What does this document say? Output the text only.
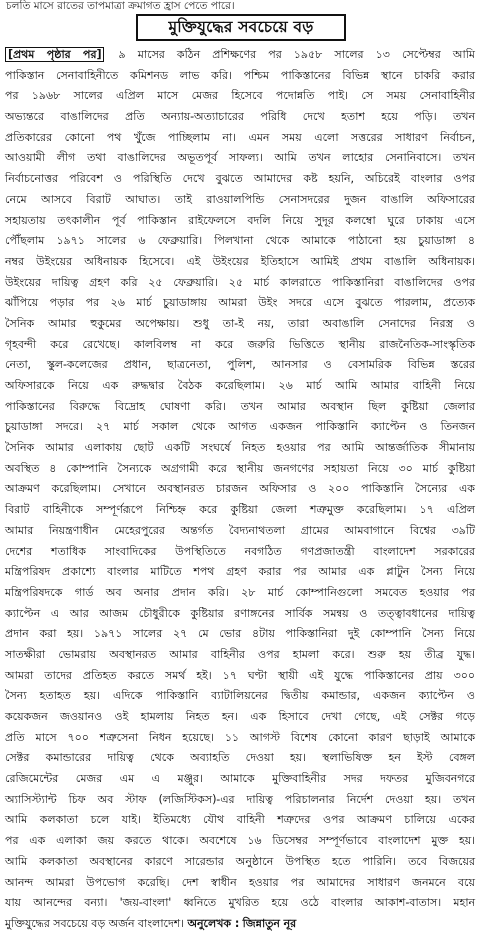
চলতি মাসে রাতের তাপমাত্রা ক্রমাগত হ্রাস পেতে পারে।
মুক্তিযুদ্ধের সবচেয়ে বড়
[প্রথম পৃষ্ঠার পর] ৯ মাসের কঠিন প্রশিক্ষণের পর ১৯৫৮ সালের ১৩ সেপ্টেম্বর আমি
পাকিস্তান সেনাবাহিনীতে কমিশনড লাভ করি। পশ্চিম পাকিস্তানের বিভিন্ন স্থানে চাকরি করার
পর ১৯৬৮ সালের এপ্রিল মাসে মেজর হিসেবে পদোন্নতি পাই। সে সময় সেনাবাহিনীর
অভ্যন্তরে বাঙালিদের প্রতি অন্যায়-অত্যাচারের পরিধি দেখে হতাশ হয়ে পড়ি। তখন
প্রতিকারের কোনো পথ খুঁজে পাচ্ছিলাম না। এমন সময় এলো সত্তরের সাধারণ নির্বাচন,
আওয়ামী লীগ তথা বাঙালিদের অভূতপূর্ব সাফল্য। আমি তখন লাহোর সেনানিবাসে। তখন
নির্বাচনোত্তর পরিবেশ ও পরিস্থিতি দেখে বুঝতে আমাদের কষ্ট হয়নি, অচিরেই বাংলার ওপর
নেমে আসবে বিরাট আঘাত। তাই রাওয়ালপিন্ডি সেনাসদরের দুজন বাঙালি অফিসারের
সহায়তায় তৎকালীন পূর্ব পাকিস্তান রাইফেলসে বদলি নিয়ে সুদূর কলম্বো ঘুরে ঢাকায় এসে
পৌঁছলাম ১৯৭১ সালের ৬ ফেব্রুয়ারি। পিলখানা থেকে আমাকে পাঠানো হয় চুয়াডাঙ্গা ৪
নম্বর উইংয়ের অধিনায়ক হিসেবে। এই উইংয়ের ইতিহাসে আমিই প্রথম বাঙালি অধিনায়ক।
উইংয়ের দায়িত্ব গ্রহণ করি ২৫ ফেব্রুয়ারি। ২৫ মার্চ কালরাতে পাকিস্তানিরা বাঙালিদের ওপর
ঝাঁপিয়ে পড়ার পর ২৬ মার্চ চুয়াডাঙ্গায় আমরা উইং সদরে এসে বুঝতে পারলাম, প্রত্যেক
সৈনিক আমার হুকুমের অপেক্ষায়। শুধু তা-ই নয়, তারা অবাঙালি সেনাদের নিরস্ত্র ও
গৃহবন্দী করে রেখেছে। কালবিলম্ব না করে জরুরি ভিত্তিতে স্থানীয় রাজনৈতিক-সাংস্কৃতিক
নেতা, স্কুল-কলেজের প্রধান, ছাত্রনেতা, পুলিশ, আনসার ও বেসামরিক বিভিন্ন স্তরের
অফিসারকে নিয়ে এক রুদ্ধদ্বার বৈঠক করেছিলাম। ২৬ মার্চ আমি আমার বাহিনী নিয়ে
পাকিস্তানের বিরুদ্ধে বিদ্রোহ ঘোষণা করি। তখন আমার অবস্থান ছিল কুষ্টিয়া জেলার
চুয়াডাঙ্গা সদরে। ২৭ মার্চ সকাল থেকে আগত একজন পাকিস্তানি ক্যাপ্টেন ও তিনজন
সৈনিক আমার এলাকায় ছোট একটি সংঘর্ষে নিহত হওয়ার পর আমি আন্তর্জাতিক সীমানায়
অবস্থিত ৪ কোম্পানি সৈন্যকে অগ্রগামী করে স্থানীয় জনগণের সহায়তা নিয়ে ৩০ মার্চ কুষ্টিয়া
আক্রমণ করেছিলাম। সেখানে অবস্থানরত চারজন অফিসার ও ২০০ পাকিস্তানি সৈন্যের এক
বিরাট বাহিনীকে সম্পূর্ণরূপে নিশ্চিহ্ন করে কুষ্টিয়া জেলা শত্রুমুক্ত করেছিলাম। ১৭ এপ্রিল
আমার নিয়ন্ত্রণাধীন মেহেরপুরের অন্তর্গত বৈদ্যনাথতলা গ্রামের আমবাগানে বিশ্বের ৩৯টি
দেশের শতাধিক সাংবাদিকের উপস্থিতিতে নবগঠিত গণপ্রজাতন্ত্রী বাংলাদেশ সরকারের
মন্ত্রিপরিষদ প্রকাশ্যে বাংলার মাটিতে শপথ গ্রহণ করার পর আমার এক প্লাটুন সৈন্য নিয়ে
মন্ত্রিপরিষদকে গার্ড অব অনার প্রদান করি। ২৮ মার্চ কোম্পানিগুলো সমবেত হওয়ার পর
ক্যাপ্টেন এ আর আজম চৌধুরীকে কুষ্টিয়ার রণাঙ্গনের সার্বিক সমন্বয় ও তত্ত্বাবধানের দায়িত্ব
প্রদান করা হয়। ১৯৭১ সালের ২৭ মে ভোর ৪টায় পাকিস্তানিরা দুই কোম্পানি সৈন্য নিয়ে
সাতক্ষীরা ভোমরায় অবস্থানরত আমার বাহিনীর ওপর হামলা করে। শুরু হয় তীব্র যুদ্ধ।
আমরা তাদের প্রতিহত করতে সমর্থ হই। ১৭ ঘণ্টা স্থায়ী এই যুদ্ধে পাকিস্তানের প্রায় ৩০০
সৈন্য হতাহত হয়। এদিকে পাকিস্তানি ব্যাটালিয়নের দ্বিতীয় কমান্ডার, একজন ক্যাপ্টেন ও
কয়েকজন জওয়ানও ওই হামলায় নিহত হন। এক হিসাবে দেখা গেছে, এই সেক্টর গড়ে
প্রতি মাসে ৭০০ শত্রুসেনা নিধন হয়েছে। ১১ আগস্ট বিশেষ কোনো কারণ ছাড়াই আমাকে
সেক্টর কমান্ডারের দায়িত্ব থেকে অব্যাহতি দেওয়া হয়। স্থলাভিষিক্ত হন ইস্ট বেঙ্গল
রেজিমেন্টের মেজর এম এ মঞ্জুর। আমাকে মুক্তিবাহিনীর সদর দফতর মুজিবনগরে
অ্যাসিস্ট্যান্ট চিফ অব স্টাফ (লজিস্টিকস)-এর দায়িত্ব পরিচালনার নির্দেশ দেওয়া হয়। তখন
আমি কলকাতা চলে যাই। ইতিমধ্যে যৌথ বাহিনী শত্রুদের ওপর আক্রমণ চালিয়ে একের
পর এক এলাকা জয় করতে থাকে। অবশেষে ১৬ ডিসেম্বর সম্পূর্ণভাবে বাংলাদেশ মুক্ত হয়।
আমি কলকাতা অবস্থানের কারণে সারেন্ডার অনুষ্ঠানে উপস্থিত হতে পারিনি। তবে বিজয়ের
আনন্দ আমরা উপভোগ করেছি। দেশ স্বাধীন হওয়ার পর আমাদের সাধারণ জনমনে বয়ে
যায় আনন্দের বন্যা। 'জয়-বাংলা' ধ্বনিতে মুখরিত হয়ে ওঠে বাংলার আকাশ-বাতাস। মহান
মুক্তিযুদ্ধের সবচেয়ে বড় অর্জন বাংলাদেশ। অনুলেখক : জিন্নাতুন নূর
